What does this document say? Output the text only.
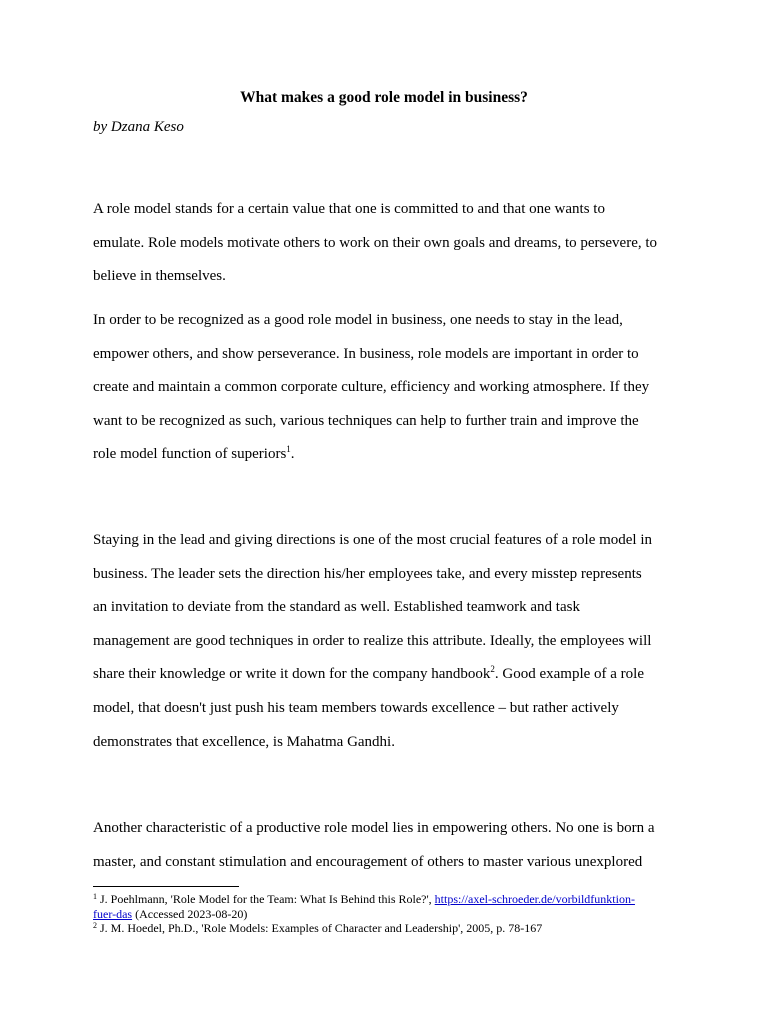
What makes a good role model in business?

by Dzana Keso

A role model stands for a certain value that one is committed to and that one wants to
emulate. Role models motivate others to work on their own goals and dreams, to persevere, to
believe in themselves.
In order to be recognized as a good role model in business, one needs to stay in the lead,
empower others, and show perseverance. In business, role models are important in order to
create and maintain a common corporate culture, efficiency and working atmosphere. If they
want to be recognized as such, various techniques can help to further train and improve the
role model function of superiors$^1$.
Staying in the lead and giving directions is one of the most crucial features of a role model in
business. The leader sets the direction his/her employees take, and every misstep represents
an invitation to deviate from the standard as well. Established teamwork and task
management are good techniques in order to realize this attribute. Ideally, the employees will
share their knowledge or write it down for the company handbook$^2$. Good example of a role
model, that doesn't just push his team members towards excellence – but rather actively
demonstrates that excellence, is Mahatma Gandhi.
Another characteristic of a productive role model lies in empowering others. No one is born a
master, and constant stimulation and encouragement of others to master various unexplored
$^1$ J. Poehlmann, 'Role Model for the Team: What Is Behind this Role?', https://axel-schroeder.de/vorbildfunktion-
fuer-das (Accessed 2023-08-20)
$^2$ J. M. Hoedel, Ph.D., 'Role Models: Examples of Character and Leadership', 2005, p. 78-167
